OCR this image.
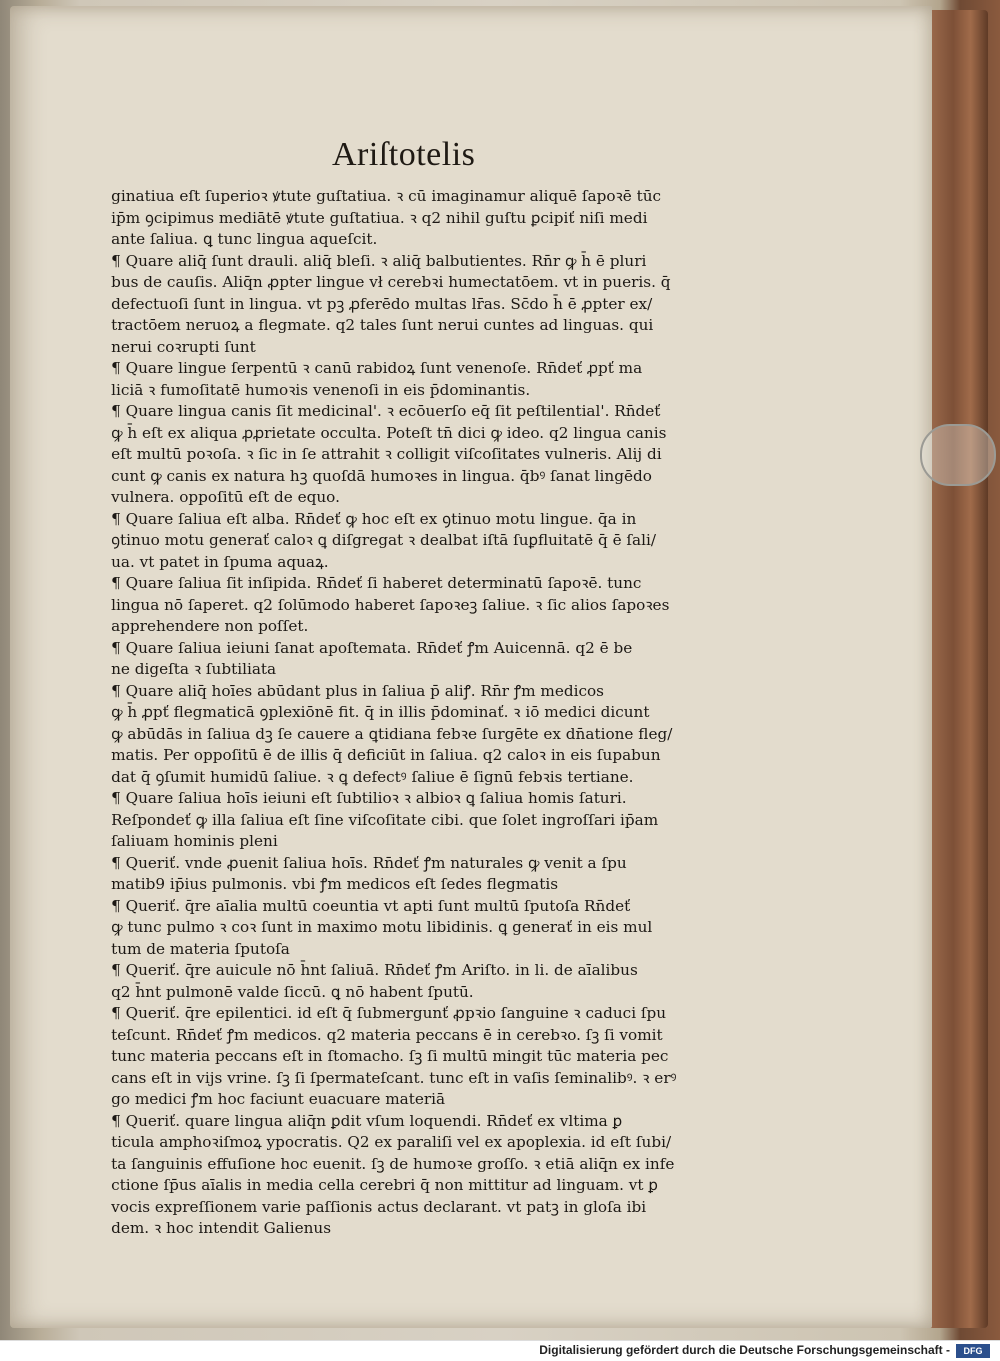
Ariſtotelis
ginatiua eſt ſuperioꝛ ꝟtute guſtatiua. ꝛ cū imaginamur aliquē ſapoꝛē tūc
ip̄m ꝯcipimus mediātē ꝟtute guſtatiua. ꝛ q2 nihil guſtu ꝑcipiť niſi medi
ante ſaliua. ꝗ tunc lingua aqueſcit.
¶ Quare aliq̄ ſunt drauli. aliq̄ bleſi. ꝛ aliq̄ balbutientes. Rn̄r ꝙ h̄ ē pluri
bus de cauſis. Aliq̄n ꝓpter lingue vł cerebꝛi humectatōem. vt in pueris. q̄
defectuoſi ſunt in lingua. vt pꝫ ꝓferēdo multas lr̄as. Sc̄do h̄ ē ꝓpter ex/
tractōem neruoꝝ a flegmate. q2 tales ſunt nerui cuntes ad linguas. qui
nerui coꝛrupti ſunt
¶ Quare lingue ſerpentū ꝛ canū rabidoꝝ ſunt venenoſe. Rn̄deť ꝓpť ma
liciā ꝛ fumoſitatē humoꝛis venenoſi in eis p̄dominantis.
¶ Quare lingua canis ſit medicinal'. ꝛ ecōuerſo eq̄ ſit peſtilential'. Rn̄deť
ꝙ h̄ eſt ex aliqua ꝓꝓrietate occulta. Poteſt tn̄ dici ꝙ ideo. q2 lingua canis
eſt multū poꝛoſa. ꝛ ſic in ſe attrahit ꝛ colligit viſcoſitates vulneris. Alij di
cunt ꝙ canis ex natura hꝫ quoſdā humoꝛes in lingua. q̄bꝰ ſanat lingēdo
vulnera. oppoſitū eſt de equo.
¶ Quare ſaliua eſt alba. Rn̄deť ꝙ hoc eſt ex ꝯtinuo motu lingue. q̄a in
ꝯtinuo motu generať caloꝛ ꝗ diſgregat ꝛ dealbat iſtā ſuꝑfluitatē q̄ ē ſali/
ua. vt patet in ſpuma aquaꝝ.
¶ Quare ſaliua ſit inſipida. Rn̄deť ſi haberet determinatū ſapoꝛē. tunc
lingua nō ſaperet. q2 ſolūmodo haberet ſapoꝛeꝫ ſaliue. ꝛ ſic alios ſapoꝛes
apprehendere non poſſet.
¶ Quare ſaliua ieiuni ſanat apoſtemata. Rn̄deť ꝭm Auicennā. q2 ē be
ne digeſta ꝛ ſubtiliata
¶ Quare aliq̄ hoīes abūdant plus in ſaliua p̄ aliꝭ. Rn̄r ꝭm medicos
ꝙ h̄ ꝓpť flegmaticā ꝯplexiōnē fit. q̄ in illis p̄dominať. ꝛ iō medici dicunt
ꝙ abūdās in ſaliua dꝫ ſe cauere a ꝗtidiana febꝛe ſurgēte ex dn̄atione fleg/
matis. Per oppoſitū ē de illis q̄ deficiūt in ſaliua. q2 caloꝛ in eis ſupabun
dat q̄ ꝯſumit humidū ſaliue. ꝛ ꝗ defectꝰ ſaliue ē ſignū febꝛis tertiane.
¶ Quare ſaliua hoīs ieiuni eſt ſubtilioꝛ ꝛ albioꝛ ꝗ ſaliua homis ſaturi.
Reſpondeť ꝙ illa ſaliua eſt ſine viſcoſitate cibi. que ſolet ingroſſari ip̄am
ſaliuam hominis pleni
¶ Queriť. vnde ꝓuenit ſaliua hoīs. Rn̄deť ꝭm naturales ꝙ venit a ſpu
matib9 ip̄ius pulmonis. vbi ꝭm medicos eſt ſedes flegmatis
¶ Queriť. q̄re aīalia multū coeuntia vt apti ſunt multū ſputoſa Rn̄deť
ꝙ tunc pulmo ꝛ coꝛ ſunt in maximo motu libidinis. ꝗ generať in eis mul
tum de materia ſputoſa
¶ Queriť. q̄re auicule nō h̄nt ſaliuā. Rn̄deť ꝭm Ariſto. in li. de aīalibus
q2 h̄nt pulmonē valde ſiccū. ꝗ nō habent ſputū.
¶ Queriť. q̄re epilentici. id eſt q̄ ſubmergunť ꝓpꝛio ſanguine ꝛ caduci ſpu
teſcunt. Rn̄deť ꝭm medicos. q2 materia peccans ē in cerebꝛo. ſꝫ ſi vomit
tunc materia peccans eſt in ſtomacho. ſꝫ ſi multū mingit tūc materia pec
cans eſt in vijs vrine. ſꝫ ſi ſpermateſcant. tunc eſt in vaſis ſeminalibꝰ. ꝛ erꝰ
go medici ꝭm hoc faciunt euacuare materiā
¶ Queriť. quare lingua aliq̄n ꝑdit vſum loquendi. Rn̄deť ex vltima ꝑ
ticula amphoꝛiſmoꝝ ypocratis. Q2 ex paraliſi vel ex apoplexia. id eſt ſubi/
ta ſanguinis effuſione hoc euenit. ſꝫ de humoꝛe groſſo. ꝛ etiā aliq̄n ex infe
ctione ſp̄us aīalis in media cella cerebri q̄ non mittitur ad linguam. vt ꝑ
vocis expreſſionem varie paſſionis actus declarant. vt patꝫ in gloſa ibi
dem. ꝛ hoc intendit Galienus
Digitalisierung gefördert durch die Deutsche Forschungsgemeinschaft -	DFG
